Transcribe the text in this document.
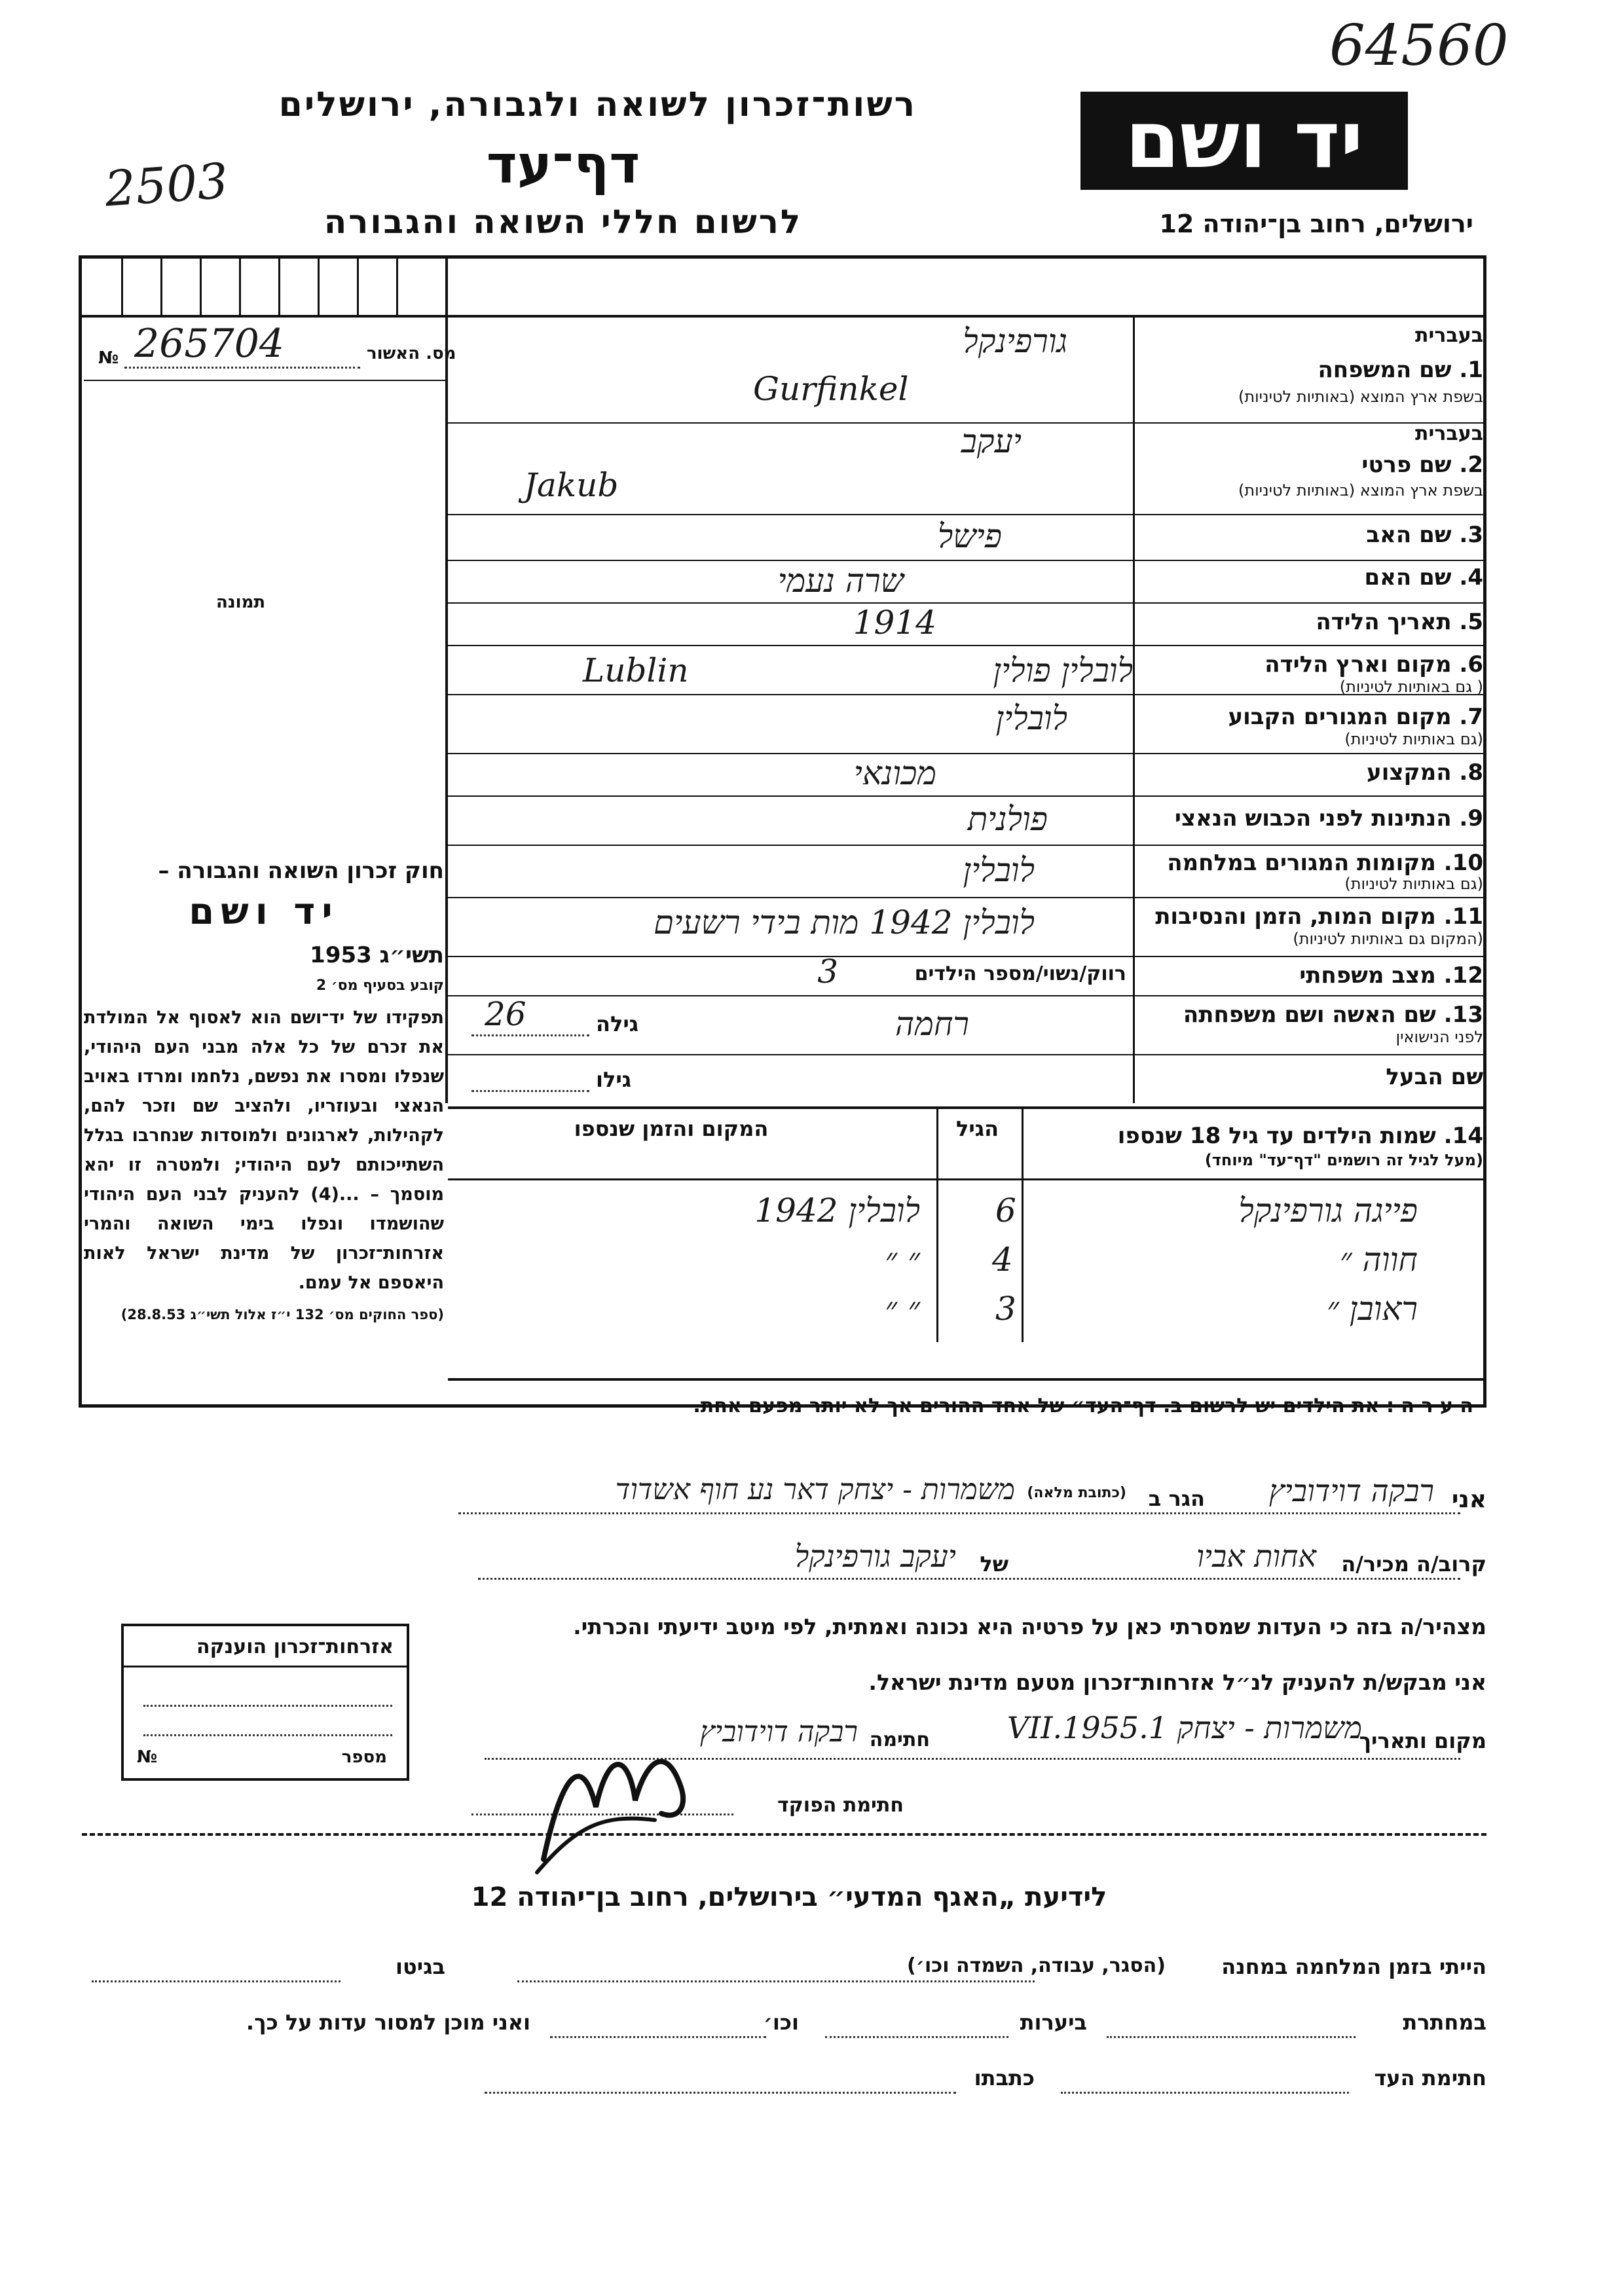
64560
2503
רשות־זכרון לשואה ולגבורה, ירושלים	יד ושם
דף־עד
לרשום חללי השואה והגבורה	ירושלים, רחוב בן־יהודה 12
מס. האשור
№ 265704
תמונה
חוק זכרון השואה והגבורה –
יד ושם
תשי״ג 1953
קובע בסעיף מס׳ 2
תפקידו של יד־ושם הוא לאסוף אל המולדת את זכרם של כל אלה מבני העם היהודי, שנפלו ומסרו את נפשם, נלחמו ומרדו באויב הנאצי ובעוזריו, ולהציב שם וזכר להם, לקהילות, לארגונים ולמוסדות שנחרבו בגלל השתייכותם לעם היהודי; ולמטרה זו יהא מוסמך – ...(4) להעניק לבני העם היהודי שהושמדו ונפלו בימי השואה והמרי אזרחות־זכרון של מדינת ישראל לאות היאספם אל עמם.
(ספר החוקים מס׳ 132 י״ז אלול תשי״ג 28.8.53)
בעברית
1. שם המשפחה
בשפת ארץ המוצא (באותיות לטיניות)
גורפינקל
Gurfinkel
בעברית
2. שם פרטי
בשפת ארץ המוצא (באותיות לטיניות)
יעקב
Jakub
3. שם האב
פישל
4. שם האם
שרה נעמי
5. תאריך הלידה
1914
6. מקום וארץ הלידה
( גם באותיות לטיניות)
לובלין פולין
Lublin
7. מקום המגורים הקבוע
(גם באותיות לטיניות)
לובלין
8. המקצוע
מכונאי
9. הנתינות לפני הכבוש הנאצי
פולנית
10. מקומות המגורים במלחמה
(גם באותיות לטיניות)
לובלין
11. מקום המות, הזמן והנסיבות
(המקום גם באותיות לטיניות)
לובלין 1942 מות בידי רשעים
12. מצב משפחתי
רווק/נשוי/מספר הילדים
3
13. שם האשה ושם משפחתה
לפני הנישואין
רחמה
גילה
26
שם הבעל
גילו
14. שמות הילדים עד גיל 18 שנספו
(מעל לגיל זה רושמים "דף־עד" מיוחד)
הגיל
המקום והזמן שנספו
פייגה גורפינקל
6
לובלין 1942
חווה ״
4
״ ״
ראובן ״
3
״ ״
ה ע ר ה : את הילדים יש לרשום ב. דף־העד״ של אחד ההורים אך לא יותר מפעם אחת.
אני
רבקה דוידוביץ
הגר ב
(כתובת מלאה)
משמרות - יצחק דאר נע חוף אשדוד
קרוב/ה מכיר/ה
אחות אביו
של
יעקב גורפינקל
מצהיר/ה בזה כי העדות שמסרתי כאן על פרטיה היא נכונה ואמתית, לפי מיטב ידיעתי והכרתי.
אני מבקש/ת להעניק לנ״ל אזרחות־זכרון מטעם מדינת ישראל.
מקום ותאריך
משמרות - יצחק 1.VII.1955
חתימה
רבקה דוידוביץ
חתימת הפוקד
אזרחות־זכרון הוענקה
מספר
№
לידיעת „האגף המדעי״ בירושלים, רחוב בן־יהודה 12
הייתי בזמן המלחמה במחנה
(הסגר, עבודה, השמדה וכו׳)
בגיטו
במחתרת
ביערות
וכו׳
ואני מוכן למסור עדות על כך.
חתימת העד
כתבתו
